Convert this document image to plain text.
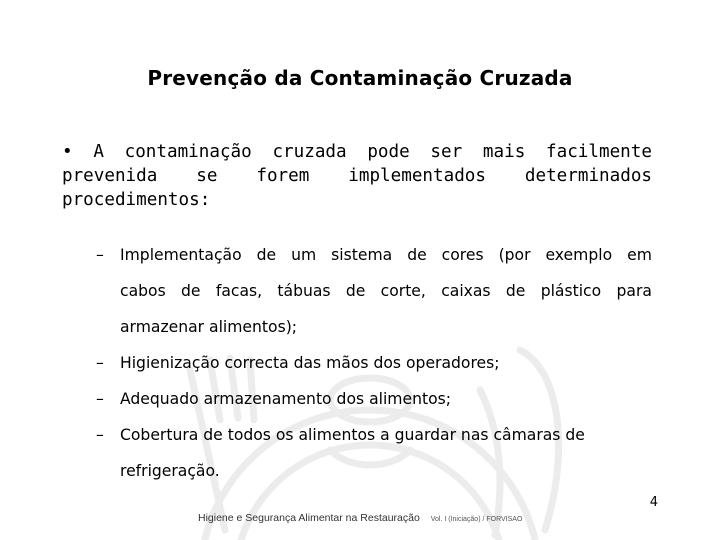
Prevenção da Contaminação Cruzada
• A contaminação cruzada pode ser mais facilmente
prevenida se forem implementados determinados
procedimentos:
–	Implementação de um sistema de cores (por exemplo em
cabos de facas, tábuas de corte, caixas de plástico para
armazenar alimentos);
–	Higienização correcta das mãos dos operadores;
–	Adequado armazenamento dos alimentos;
–	Cobertura de todos os alimentos a guardar nas câmaras de
refrigeração.
4
Higiene e Segurança Alimentar na Restauração Vol. I (Iniciação) / FORVISAO
